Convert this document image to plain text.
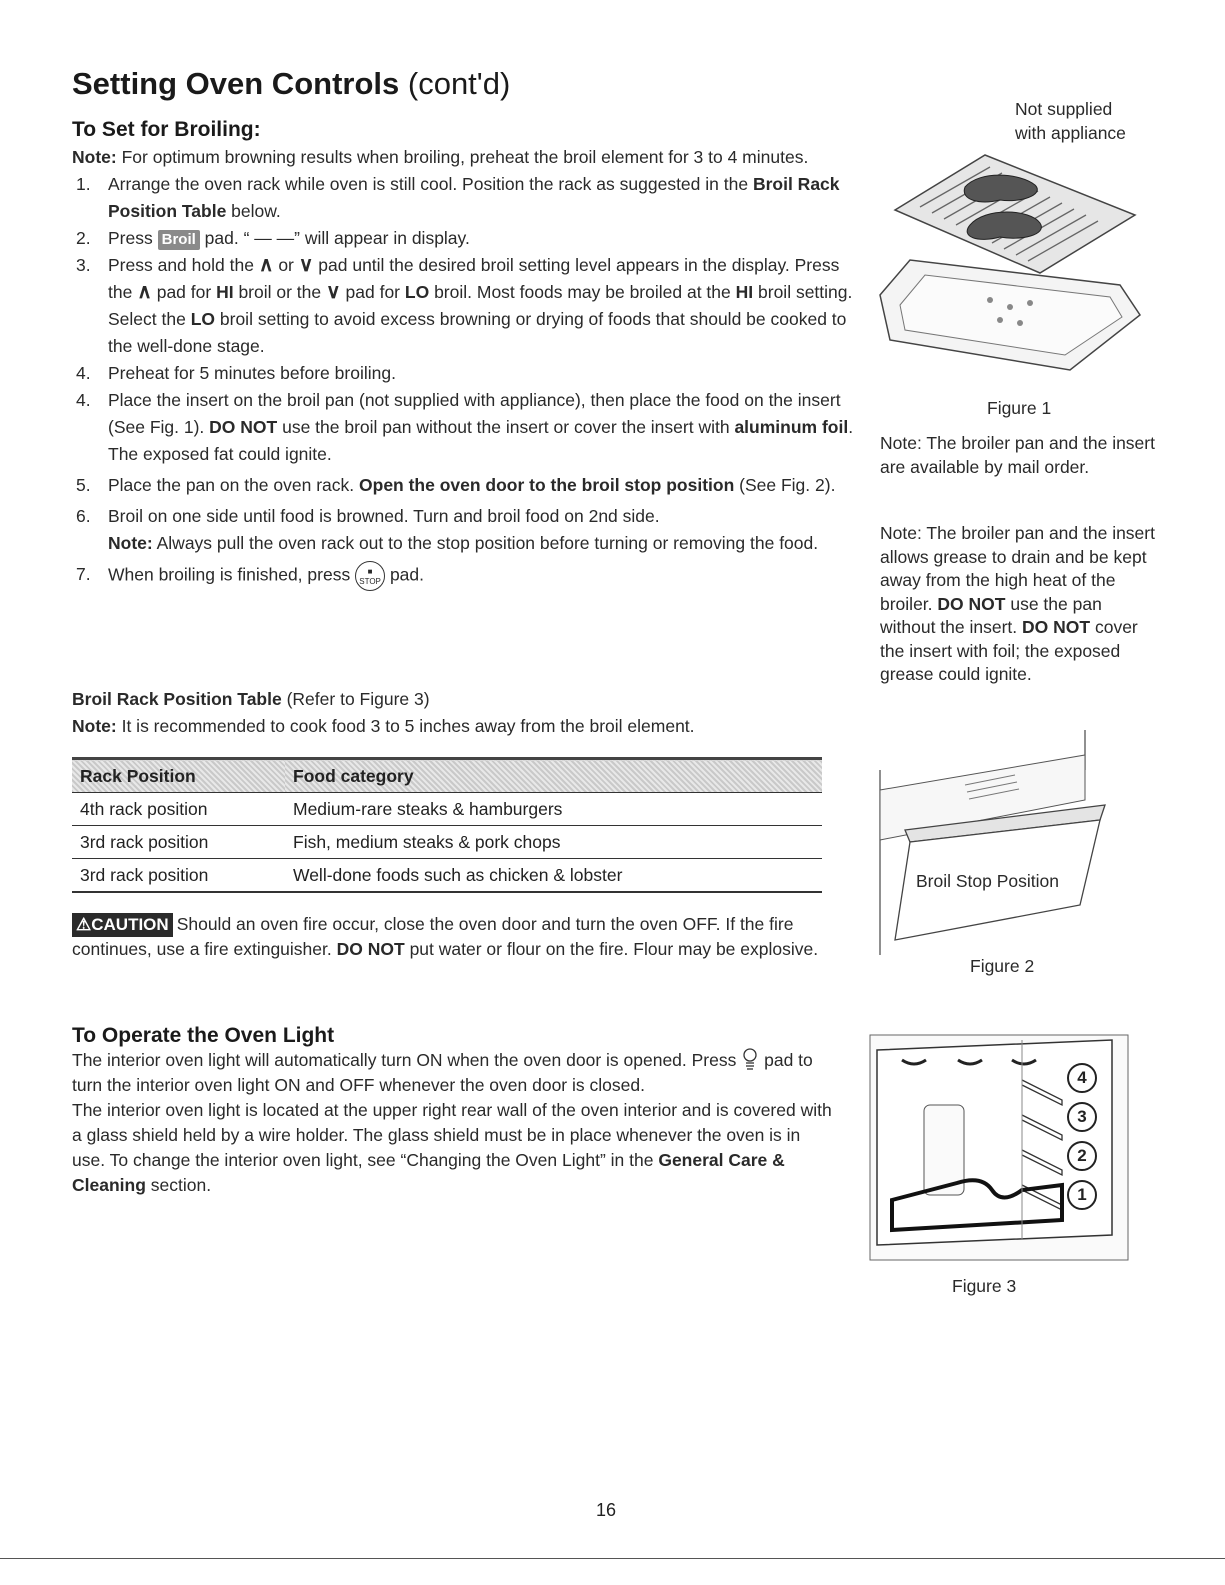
Setting Oven Controls (cont'd)
To Set for Broiling:
Note: For optimum browning results when broiling, preheat the broil element for 3 to 4 minutes.
1. Arrange the oven rack while oven is still cool. Position the rack as suggested in the Broil Rack Position Table below.
2. Press Broil pad. “ — —” will appear in display.
3. Press and hold the ∧ or ∨ pad until the desired broil setting level appears in the display. Press the ∧ pad for HI broil or the ∨ pad for LO broil. Most foods may be broiled at the HI broil setting. Select the LO broil setting to avoid excess browning or drying of foods that should be cooked to the well-done stage.
4. Preheat for 5 minutes before broiling.
4. Place the insert on the broil pan (not supplied with appliance), then place the food on the insert (See Fig. 1). DO NOT use the broil pan without the insert or cover the insert with aluminum foil. The exposed fat could ignite.
5. Place the pan on the oven rack. Open the oven door to the broil stop position (See Fig. 2).
6. Broil on one side until food is browned. Turn and broil food on 2nd side.
Note: Always pull the oven rack out to the stop position before turning or removing the food.
7. When broiling is finished, press ■
STOP pad.
Broil Rack Position Table (Refer to Figure 3)
Note: It is recommended to cook food 3 to 5 inches away from the broil element.
Rack Position	Food category
4th rack position	Medium-rare steaks & hamburgers
3rd rack position	Fish, medium steaks & pork chops
3rd rack position	Well-done foods such as chicken & lobster
⚠CAUTION Should an oven fire occur, close the oven door and turn the oven OFF. If the fire continues, use a fire extinguisher. DO NOT put water or flour on the fire. Flour may be explosive.
To Operate the Oven Light
The interior oven light will automatically turn ON when the oven door is opened. Press pad to turn the interior oven light ON and OFF whenever the oven door is closed.
The interior oven light is located at the upper right rear wall of the oven interior and is covered with a glass shield held by a wire holder. The glass shield must be in place whenever the oven is in use. To change the interior oven light, see “Changing the Oven Light” in the General Care & Cleaning section.
Not supplied
with appliance
Figure 1
Note: The broiler pan and the insert are available by mail order.
Note: The broiler pan and the insert allows grease to drain and be kept away from the high heat of the broiler. DO NOT use the pan without the insert. DO NOT cover the insert with foil; the exposed grease could ignite.
Broil Stop Position
Figure 2
4
3
2
1
Figure 3
16
